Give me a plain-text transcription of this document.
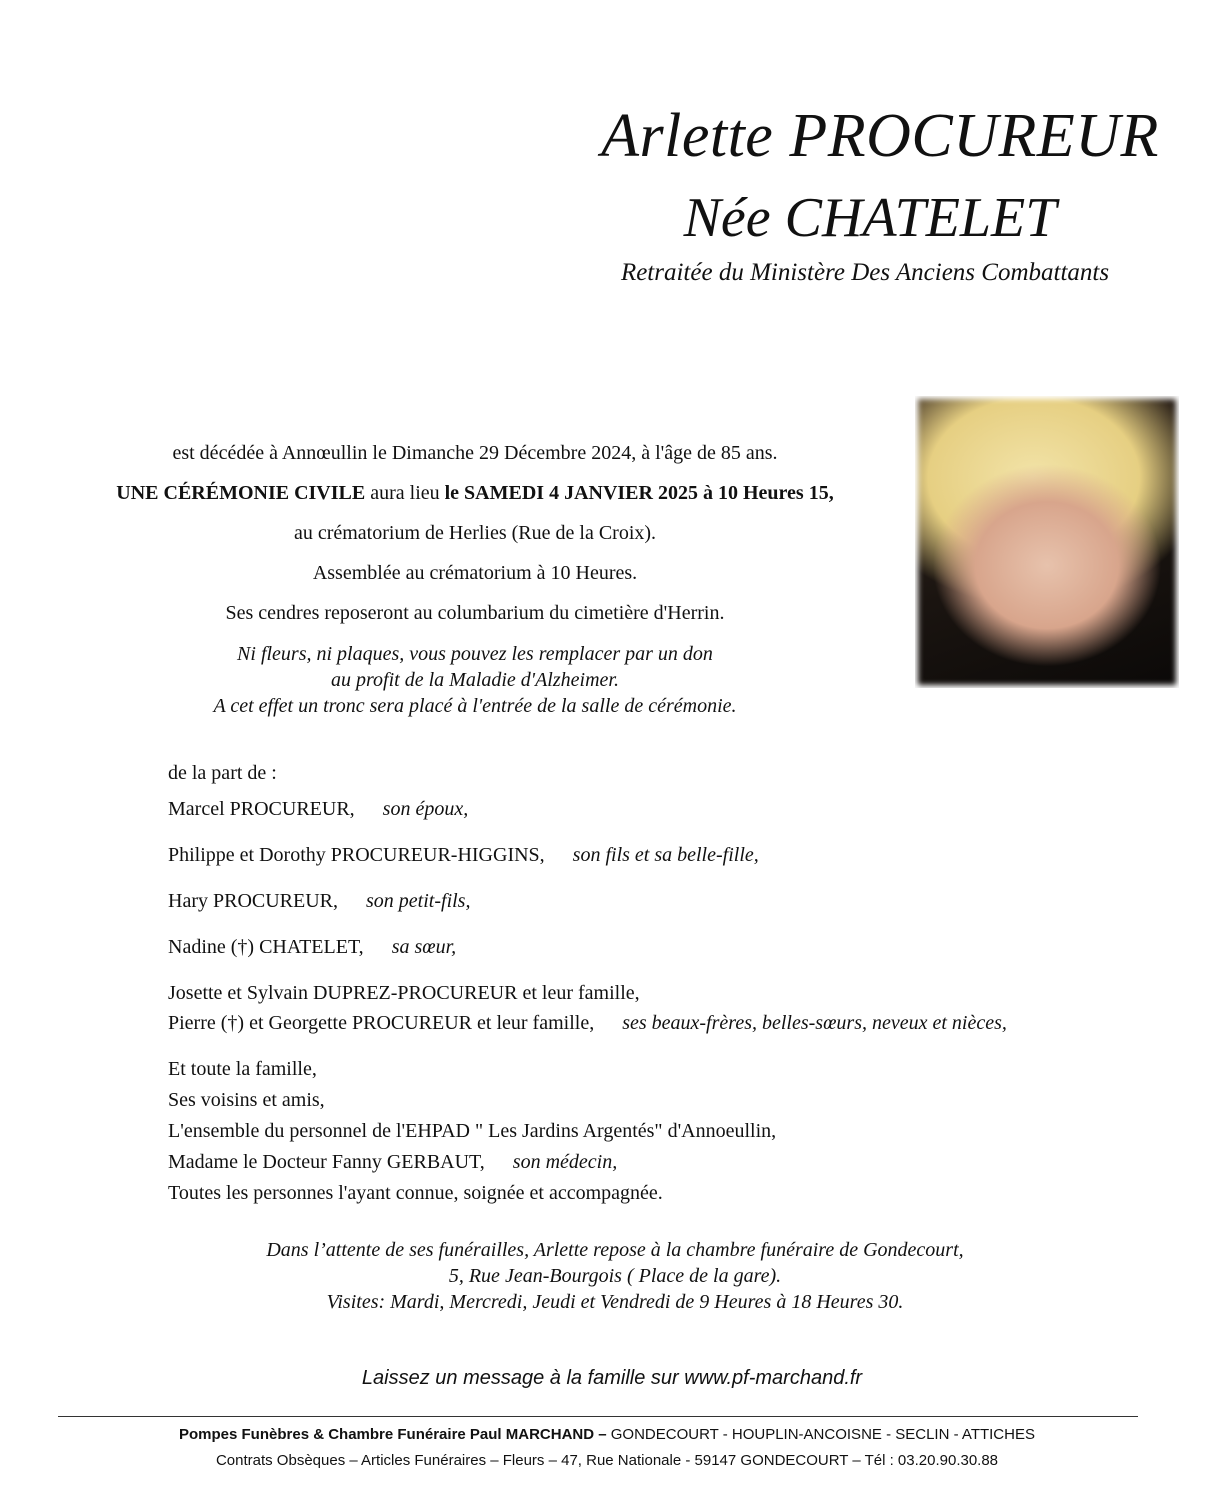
Arlette PROCUREUR
Née CHATELET
Retraitée du Ministère Des Anciens Combattants
est décédée à Annœullin le Dimanche 29 Décembre 2024, à l'âge de 85 ans.
UNE CÉRÉMONIE CIVILE aura lieu le SAMEDI 4 JANVIER 2025 à 10 Heures 15,
au crématorium de Herlies (Rue de la Croix).
Assemblée au crématorium à 10 Heures.
Ses cendres reposeront au columbarium du cimetière d'Herrin.
Ni fleurs, ni plaques, vous pouvez les remplacer par un don
au profit de la Maladie d'Alzheimer.
A cet effet un tronc sera placé à l'entrée de la salle de cérémonie.
de la part de :
Marcel PROCUREUR, son époux,
Philippe et Dorothy PROCUREUR-HIGGINS, son fils et sa belle-fille,
Hary PROCUREUR, son petit-fils,
Nadine (†) CHATELET, sa sœur,
Josette et Sylvain DUPREZ-PROCUREUR et leur famille,
Pierre (†) et Georgette PROCUREUR et leur famille, ses beaux-frères, belles-sœurs, neveux et nièces,
Et toute la famille,
Ses voisins et amis,
L'ensemble du personnel de l'EHPAD " Les Jardins Argentés" d'Annoeullin,
Madame le Docteur Fanny GERBAUT, son médecin,
Toutes les personnes l'ayant connue, soignée et accompagnée.
Dans l’attente de ses funérailles, Arlette repose à la chambre funéraire de Gondecourt,
5, Rue Jean-Bourgois ( Place de la gare).
Visites: Mardi, Mercredi, Jeudi et Vendredi de 9 Heures à 18 Heures 30.
Laissez un message à la famille sur www.pf-marchand.fr
Pompes Funèbres & Chambre Funéraire Paul MARCHAND – GONDECOURT - HOUPLIN-ANCOISNE - SECLIN - ATTICHES
Contrats Obsèques – Articles Funéraires – Fleurs – 47, Rue Nationale - 59147 GONDECOURT – Tél : 03.20.90.30.88
